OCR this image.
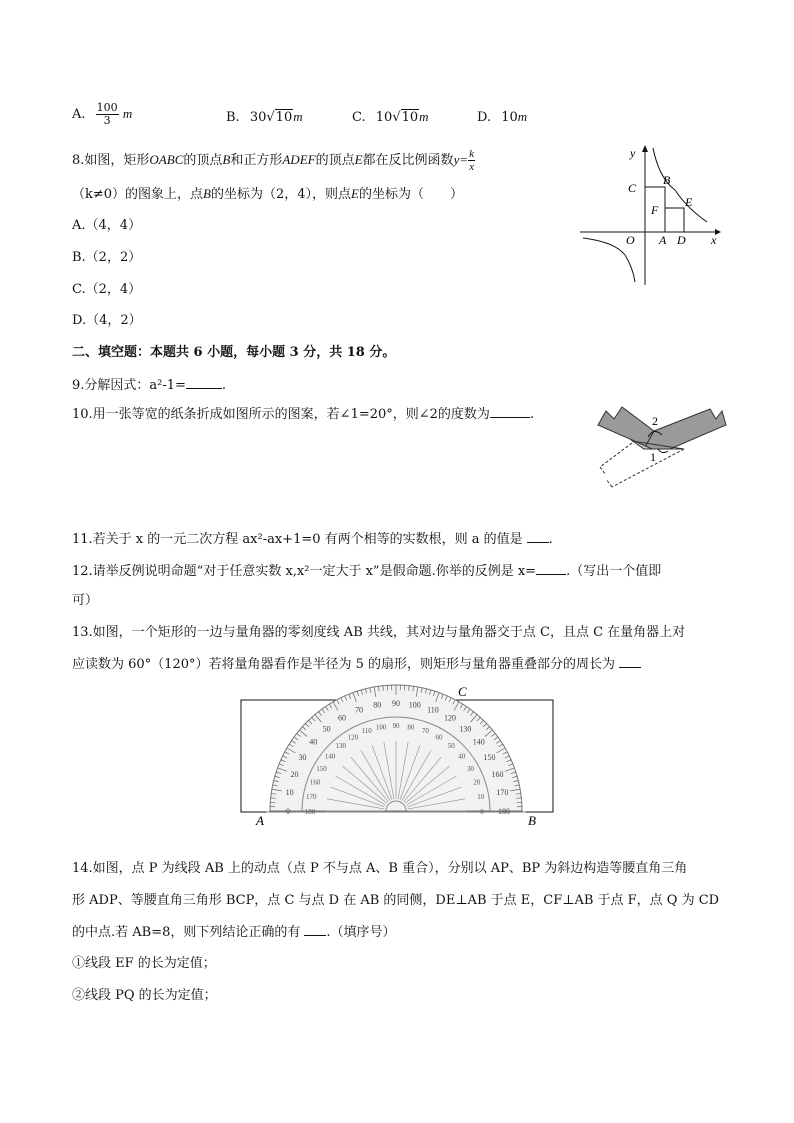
A. $\frac{100}{3}$ m	B. 30√10m	C. 10√10m	D. 10m
8.如图，矩形OABC的顶点B和正方形ADEF的顶点E都在反比例函数$y= \frac{k}{x}$
（k≠0）的图象上，点B的坐标为（2，4），则点E的坐标为（　　）
A.（4，4）
B.（2，2）
C.（2，4）
D.（4，2）
y
x
C
B
E
F
O A D
二、填空题：本题共 6 小题，每小题 3 分，共 18 分。
9.分解因式：a²-1=	.
10.用一张等宽的纸条折成如图所示的图案，若∠1=20°，则∠2的度数为	.	2
1
11.若关于 x 的一元二次方程 ax²-ax+1=0 有两个相等的实数根，则 a 的值是 .
12.请举反例说明命题“对于任意实数 x,x²一定大于 x”是假命题.你举的反例是 x= .（写出一个值即
可）
13.如图，一个矩形的一边与量角器的零刻度线 AB 共线，其对边与量角器交于点 C，且点 C 在量角器上对
应读数为 60°（120°）若将量角器看作是半径为 5 的扇形，则矩形与量角器重叠部分的周长为
0
10
20
30
40
50
60
70
80 90 100
110
120
130
140
150
160
170
180
180
170
160
150
140
130
120
110 100 90 80 70
60
50
40
30
20
10
0
C
A	B
14.如图，点 P 为线段 AB 上的动点（点 P 不与点 A、B 重合），分别以 AP、BP 为斜边构造等腰直角三角
形 ADP、等腰直角三角形 BCP，点 C 与点 D 在 AB 的同侧，DE⊥AB 于点 E，CF⊥AB 于点 F，点 Q 为 CD
的中点.若 AB=8，则下列结论正确的有 .（填序号）
①线段 EF 的长为定值；
②线段 PQ 的长为定值；
